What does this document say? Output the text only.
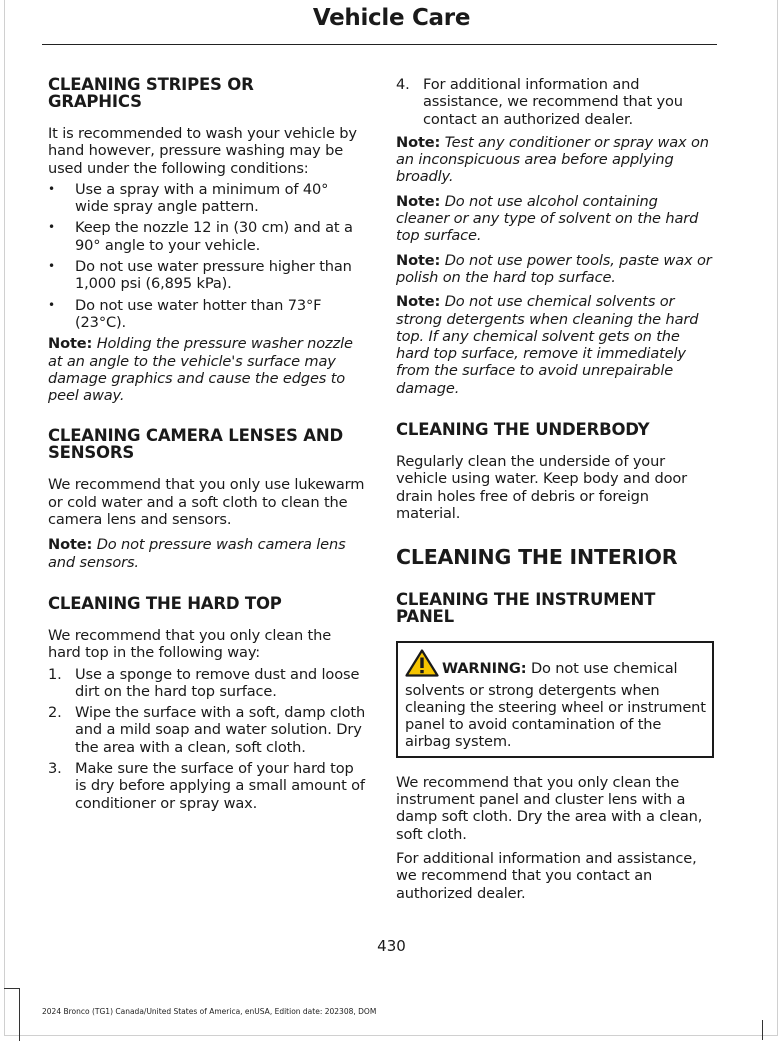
Vehicle Care
CLEANING STRIPES OR GRAPHICS

It is recommended to wash your vehicle by hand however, pressure washing may be used under the following conditions:

• Use a spray with a minimum of 40° wide spray angle pattern.
• Keep the nozzle 12 in (30 cm) and at a 90° angle to your vehicle.
• Do not use water pressure higher than 1,000 psi (6,895 kPa).
• Do not use water hotter than 73°F (23°C).

Note: Holding the pressure washer nozzle at an angle to the vehicle's surface may damage graphics and cause the edges to peel away.

CLEANING CAMERA LENSES AND SENSORS

We recommend that you only use lukewarm or cold water and a soft cloth to clean the camera lens and sensors.

Note: Do not pressure wash camera lens and sensors.

CLEANING THE HARD TOP

We recommend that you only clean the hard top in the following way:

1. Use a sponge to remove dust and loose dirt on the hard top surface.
2. Wipe the surface with a soft, damp cloth and a mild soap and water solution. Dry the area with a clean, soft cloth.
3. Make sure the surface of your hard top is dry before applying a small amount of conditioner or spray wax.
4. For additional information and assistance, we recommend that you contact an authorized dealer.

Note: Test any conditioner or spray wax on an inconspicuous area before applying broadly.

Note: Do not use alcohol containing cleaner or any type of solvent on the hard top surface.

Note: Do not use power tools, paste wax or polish on the hard top surface.

Note: Do not use chemical solvents or strong detergents when cleaning the hard top. If any chemical solvent gets on the hard top surface, remove it immediately from the surface to avoid unrepairable damage.

CLEANING THE UNDERBODY

Regularly clean the underside of your vehicle using water. Keep body and door drain holes free of debris or foreign material.

CLEANING THE INTERIOR
CLEANING THE INSTRUMENT PANEL

WARNING: Do not use chemical solvents or strong detergents when cleaning the steering wheel or instrument panel to avoid contamination of the airbag system.

We recommend that you only clean the instrument panel and cluster lens with a damp soft cloth. Dry the area with a clean, soft cloth.

For additional information and assistance, we recommend that you contact an authorized dealer.

430
2024 Bronco (TG1) Canada/United States of America, enUSA, Edition date: 202308, DOM
